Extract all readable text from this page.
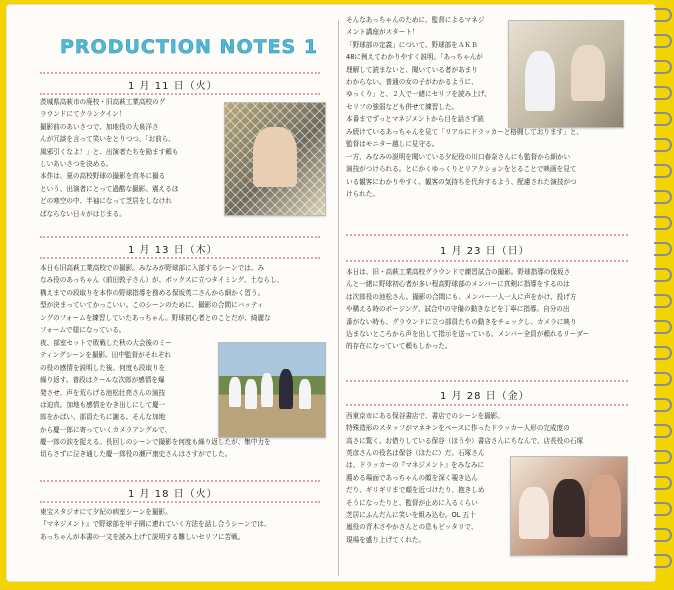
PRODUCTION NOTES 1
1 月 11 日（火）
茨城県高萩市の廃校・旧高萩工業高校のグ
ラウンドにてクランクイン！
撮影前のあいさつで、加地役の大泉洋さ
んが冗談を言って笑いをとりつつ、「お前ら、
風邪引くなよ！」と、出演者たちを励ます頼も
しいあいさつを決める。
本作は、夏の高校野球の撮影を真冬に撮る
という、出演者にとって過酷な撮影。震えるほ
どの寒空の中、半袖になって芝居をしなけれ
ばならない日々がはじまる。
1 月 13 日（木）
本日も旧高萩工業高校での撮影。みなみが野球部に入部するシーンでは、み
なみ役のあっちゃん（前田敦子さん）が、ボックスに立つタイミング、土ならし、
構えまでの段取りを本作の野球指導を務める保坂英二さんから細かく習う。
型が決まっていてかっこいい。このシーンのために、撮影の合間にバッティ
ングのフォームを練習していたあっちゃん。野球初心者とのことだが、綺麗な
フォームで様になっている。
夜、部室セットで敗戦した秋の大会後のミー
ティングシーンを撮影。田中監督がそれぞれ
の役の感情を説明した後、何度も段取りを
繰り返す。普段はクールな次郎が感情を爆
発させ、声を荒らげる池松壮亮さんの演技
は迫真。加地も感情をむき出しにして慶一
郎をかばい、部員たちに謝る。そんな加地
から慶一郎に寄っていくカメラアングルで、
慶一郎の涙を捉える。長回しのシーンで撮影を何度も繰り返したが、集中力を
切らさずに泣き通した慶一郎役の瀬戸康史さんはさすがでした。
1 月 18 日（火）
東宝スタジオにて夕紀の病室シーンを撮影。
『マネジメント』で野球部を甲子園に連れていく方法を話し合うシーンでは、
あっちゃんが本書の一文を読み上げて説明する難しいセリフに苦戦。
そんなあっちゃんのために、監督によるマネジ
メント講座がスタート！
「野球部の定義」について、野球部をＡＫＢ
48に例えてわかりやすく説明。「あっちゃんが
理解して読まないと、聞いている者があまり
わからない。普通の女の子がわかるように、
ゆっくり」と、２人で一緒にセリフを読み上げ、
セリフの強弱なども併せて練習した。
本番までずっとマネジメントから目を話さず読
み続けているあっちゃんを見て「リアルにドラッカーと格闘しております」と、
監督はモニター越しに見守る。
一方、みなみの説明を聞いている夕紀役の川口春奈さんにも監督から細かい
演技がつけられる。とにかくゆっくりとリアクションをとることで映画を見て
いる観客にわかりやすく、観客の気持ちを代弁するよう、配慮された演技がつ
けられた。
1 月 23 日（日）
本日は、旧・高萩工業高校グラウンドで練習試合の撮影。野球指導の保坂さ
んと一緒に野球初心者が多い程高野球部のメンバーに真剣に指導をするのは
は次郎役の池松さん。撮影の合間にも、メンバー一人一人に声をかけ、投げ方
や構える時のポージング、試合中の守備の動きなどを丁寧に指導。自分の出
番がない時も、グラウンドに立つ部員たちの動きをチェックし、カメラに映り
込まないところから声を出して指示を送っている。メンバー全員が頼れるリーダー
的存在になっていて頼もしかった。
1 月 28 日（金）
西東京市にある保谷書店で、書店でのシーンを撮影。
特殊造形のスタッフがマネキンをベースに作ったドラッカー人形の完成度の
高さに驚く。お借りしている保谷（ほうや）書店さんにちなんで、店長役の石塚
英彦さんの役名は保谷（ほたに）だ。石塚さん
は、ドラッカーの『マネジメント』をみなみに
薦める場面であっちゃんの顔を深く覗き込ん
だり、ギリギリまで顔を近づけたり、抱きしめ
そうになったりと、監督が止めに入るくらい
芝居にふんだんに笑いを組み込む。OL 五十
嵐役の青木さやかさんとの息もピッタリで、
現場を盛り上げてくれた。
